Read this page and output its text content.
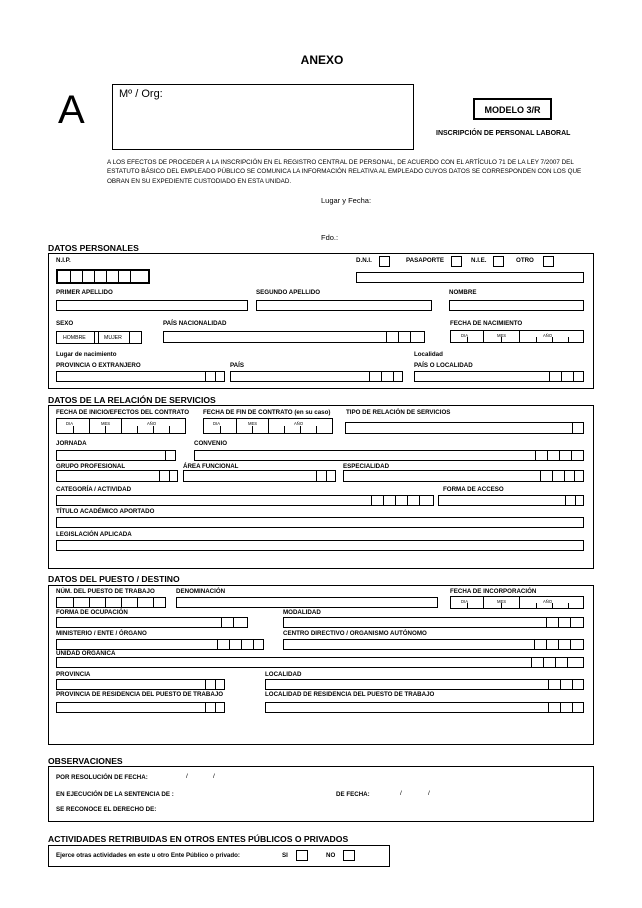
ANEXO
A	Mº / Org:
MODELO 3/R
INSCRIPCIÓN DE PERSONAL LABORAL
A LOS EFECTOS DE PROCEDER A LA INSCRIPCIÓN EN EL REGISTRO CENTRAL DE PERSONAL, DE ACUERDO CON EL ARTÍCULO 71 DE LA LEY 7/2007 DEL ESTATUTO BÁSICO DEL EMPLEADO PÚBLICO SE COMUNICA LA INFORMACIÓN RELATIVA AL EMPLEADO CUYOS DATOS SE CORRESPONDEN CON LOS QUE OBRAN EN SU EXPEDIENTE CUSTODIADO EN ESTA UNIDAD.
Lugar y Fecha:
Fdo.:
DATOS PERSONALES
N.I.P.	D.N.I.	PASAPORTE	N.I.E.	OTRO
PRIMER APELLIDO	SEGUNDO APELLIDO	NOMBRE
SEXO
HOMBRE	MUJER
PAÍS NACIONALIDAD	FECHA DE NACIMIENTO
DIA	MES	AÑO
Lugar de nacimiento	Localidad
PROVINCIA O EXTRANJERO	PAÍS	PAÍS O LOCALIDAD
DATOS DE LA RELACIÓN DE SERVICIOS
FECHA DE INICIO/EFECTOS DEL CONTRATO
DIA	MES	AÑO
FECHA DE FIN DE CONTRATO (en su caso)
DIA	MES	AÑO
TIPO DE RELACIÓN DE SERVICIOS
JORNADA	CONVENIO
GRUPO PROFESIONAL	ÁREA FUNCIONAL	ESPECIALIDAD
CATEGORÍA / ACTIVIDAD	FORMA DE ACCESO
TÍTULO ACADÉMICO APORTADO
LEGISLACIÓN APLICADA
DATOS DEL PUESTO / DESTINO
NÚM. DEL PUESTO DE TRABAJO	DENOMINACIÓN	FECHA DE INCORPORACIÓN
DIA	MES	AÑO
FORMA DE OCUPACIÓN	MODALIDAD
MINISTERIO / ENTE / ÓRGANO	CENTRO DIRECTIVO / ORGANISMO AUTÓNOMO
UNIDAD ORGÁNICA
PROVINCIA	LOCALIDAD
PROVINCIA DE RESIDENCIA DEL PUESTO DE TRABAJO	LOCALIDAD DE RESIDENCIA DEL PUESTO DE TRABAJO
OBSERVACIONES
POR RESOLUCIÓN DE FECHA:	/	/
EN EJECUCIÓN DE LA SENTENCIA DE :	DE FECHA:	/	/
SE RECONOCE EL DERECHO DE:
ACTIVIDADES RETRIBUIDAS EN OTROS ENTES PÚBLICOS O PRIVADOS
Ejerce otras actividades en este u otro Ente Público o privado:	SI	NO
